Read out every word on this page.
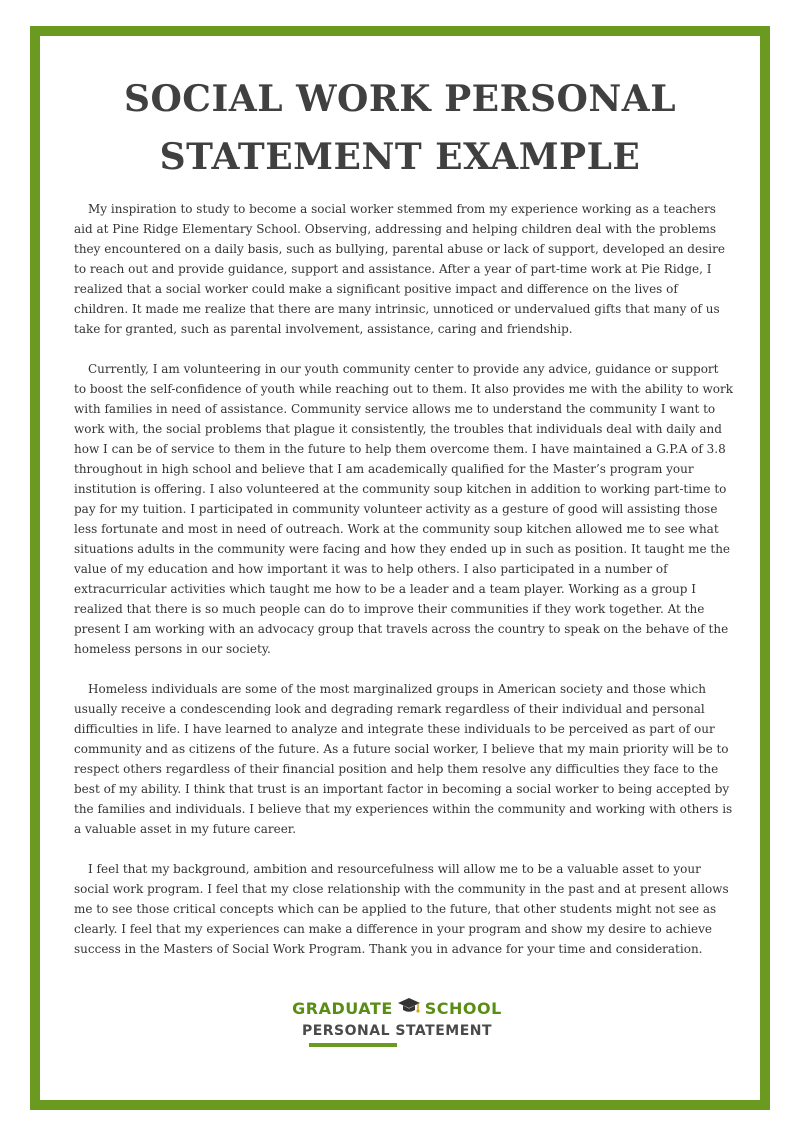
SOCIAL WORK PERSONAL
STATEMENT EXAMPLE

My inspiration to study to become a social worker stemmed from my experience working as a teachers aid at Pine Ridge Elementary School. Observing, addressing and helping children deal with the problems they encountered on a daily basis, such as bullying, parental abuse or lack of support, developed an desire to reach out and provide guidance, support and assistance. After a year of part-time work at Pie Ridge, I realized that a social worker could make a significant positive impact and difference on the lives of children. It made me realize that there are many intrinsic, unnoticed or undervalued gifts that many of us take for granted, such as parental involvement, assistance, caring and friendship.

Currently, I am volunteering in our youth community center to provide any advice, guidance or support to boost the self-confidence of youth while reaching out to them. It also provides me with the ability to work with families in need of assistance. Community service allows me to understand the community I want to work with, the social problems that plague it consistently, the troubles that individuals deal with daily and how I can be of service to them in the future to help them overcome them. I have maintained a G.P.A of 3.8 throughout in high school and believe that I am academically qualified for the Master’s program your institution is offering. I also volunteered at the community soup kitchen in addition to working part-time to pay for my tuition. I participated in community volunteer activity as a gesture of good will assisting those less fortunate and most in need of outreach. Work at the community soup kitchen allowed me to see what situations adults in the community were facing and how they ended up in such as position. It taught me the value of my education and how important it was to help others. I also participated in a number of extracurricular activities which taught me how to be a leader and a team player. Working as a group I realized that there is so much people can do to improve their communities if they work together. At the present I am working with an advocacy group that travels across the country to speak on the behave of the homeless persons in our society.

Homeless individuals are some of the most marginalized groups in American society and those which usually receive a condescending look and degrading remark regardless of their individual and personal difficulties in life. I have learned to analyze and integrate these individuals to be perceived as part of our community and as citizens of the future. As a future social worker, I believe that my main priority will be to respect others regardless of their financial position and help them resolve any difficulties they face to the best of my ability. I think that trust is an important factor in becoming a social worker to being accepted by the families and individuals. I believe that my experiences within the community and working with others is a valuable asset in my future career.

I feel that my background, ambition and resourcefulness will allow me to be a valuable asset to your social work program. I feel that my close relationship with the community in the past and at present allows me to see those critical concepts which can be applied to the future, that other students might not see as clearly. I feel that my experiences can make a difference in your program and show my desire to achieve success in the Masters of Social Work Program. Thank you in advance for your time and consideration.

GRADUATE SCHOOL
PERSONAL STATEMENT
